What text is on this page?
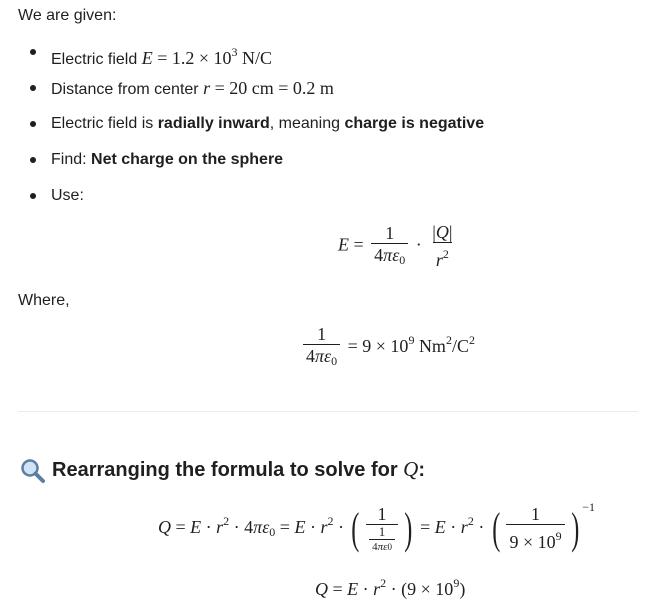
We are given:
Electric field $E = 1.2 \times 10^3$ N/C
Distance from center r = 20 cm = 0.2 m
Electric field is radially inward, meaning charge is negative
Find: Net charge on the sphere
Use:
$E = \frac{1}{4\pi\varepsilon_0} \cdot \frac{|Q|}{r^2}$
Where,
$\frac{1}{4\pi\varepsilon_0} = 9 \times 10^9$ $Nm^2/C^2$
Rearranging the formula to solve for Q:
$Q = E \cdot r^2 \cdot 4\pi\varepsilon_0 = E \cdot r^2$ · ( $\frac{1}{\frac{1}{4\pi\varepsilon 0}}$ ) = $E \cdot r^2$ · ( $\frac{1}{9 \times 10^9}$ ) $^{-1}$
$Q = E \cdot r^2 \cdot (9 \times 10^9)$
